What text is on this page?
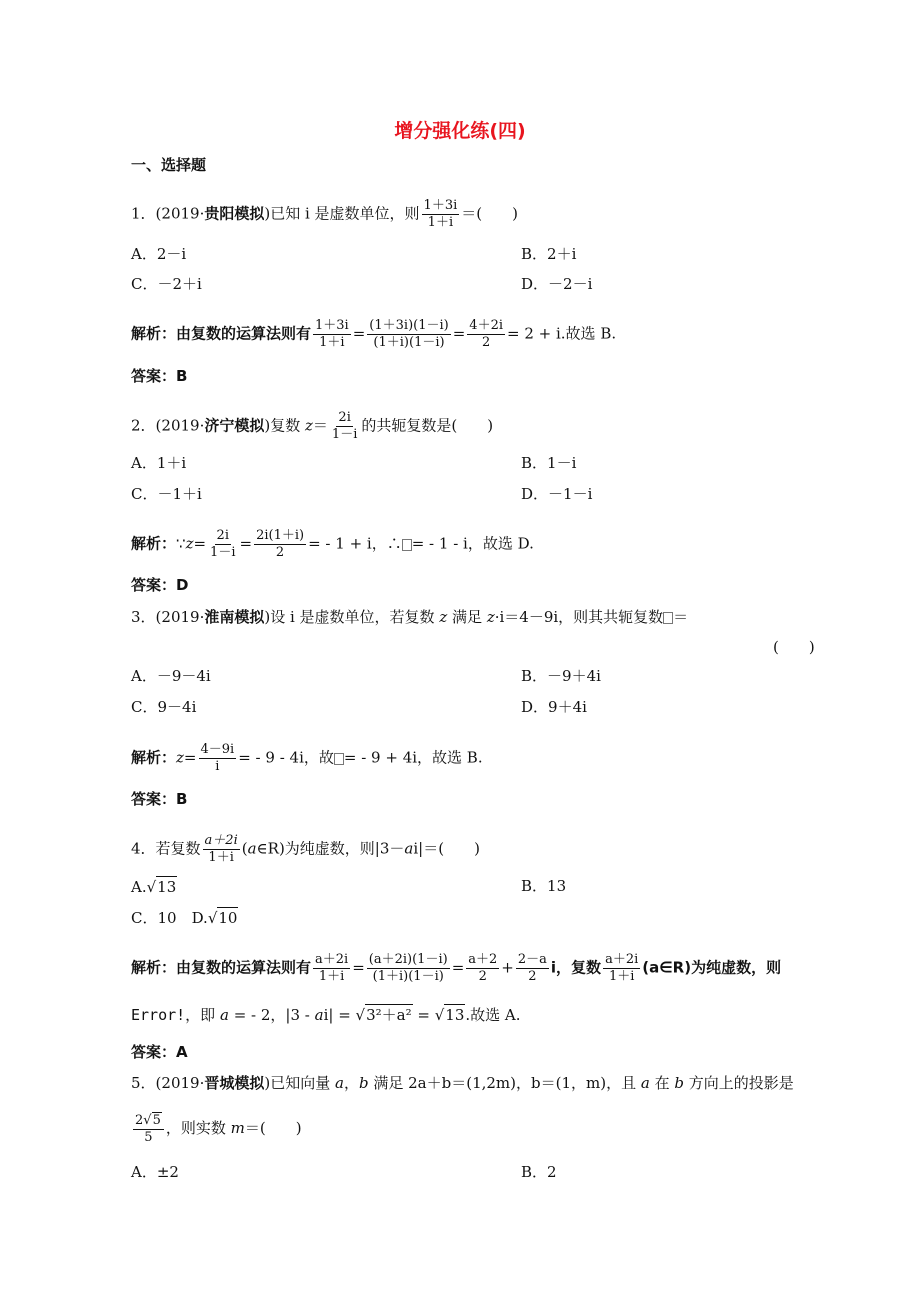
增分强化练(四)
一、选择题
1．(2019·贵阳模拟)已知 i 是虚数单位，则 $\frac{1+3i}{1+i}$ ＝(　　)
A．2－i	B．2＋i
C．－2＋i	D．－2－i
解析：由复数的运算法则有 $\frac{1+3i}{1+i} = \frac{(1+3i)(1-i)}{(1+i)(1-i)} = \frac{4+2i}{2} = 2 + i$.故选 B.
答案：B
2．(2019·济宁模拟)复数 $z= \frac{2i}{1-i}$ 的共轭复数是(　　)
A．1＋i	B．1－i
C．－1＋i	D．－1－i
解析：∵z= $\frac{2i}{1-i} = \frac{2i(1+i)}{2}$ = - 1 + i，∴ = - 1 - i，故选 D.
答案：D
3．(2019·淮南模拟)设 i 是虚数单位，若复数 z 满足 z·i＝4－9i，则其共轭复数 ＝
(　　)
A．－9－4i	B．－9＋4i
C．9－4i	D．9＋4i
解析：$z= \frac{4-9i}{i}$ = - 9 - 4i，故 = - 9 + 4i，故选 B.
答案：B
4．若复数 $\frac{a+2i}{1+i}$ (a∈R)为纯虚数，则|3－ai|＝(　　)
A.√13	B．13
C．10　D.√10
解析：由复数的运算法则有 $\frac{a+2i}{1+i} = \frac{(a+2i)(1-i)}{(1+i)(1-i)} = \frac{a+2}{2} + \frac{2-a}{2}$ i，复数 $\frac{a+2i}{1+i}$ (a∈R)为纯虚数，则
Error!，即 a = - 2，|3 - ai| = √3²＋a² = √13.故选 A.
答案：A
5．(2019·晋城模拟)已知向量 a，b 满足 2a＋b＝(1,2m)，b＝(1，m)，且 a 在 b 方向上的投影是
$\frac{2√5}{5}$ ，则实数 m＝(　　)
A．±2	B．2
